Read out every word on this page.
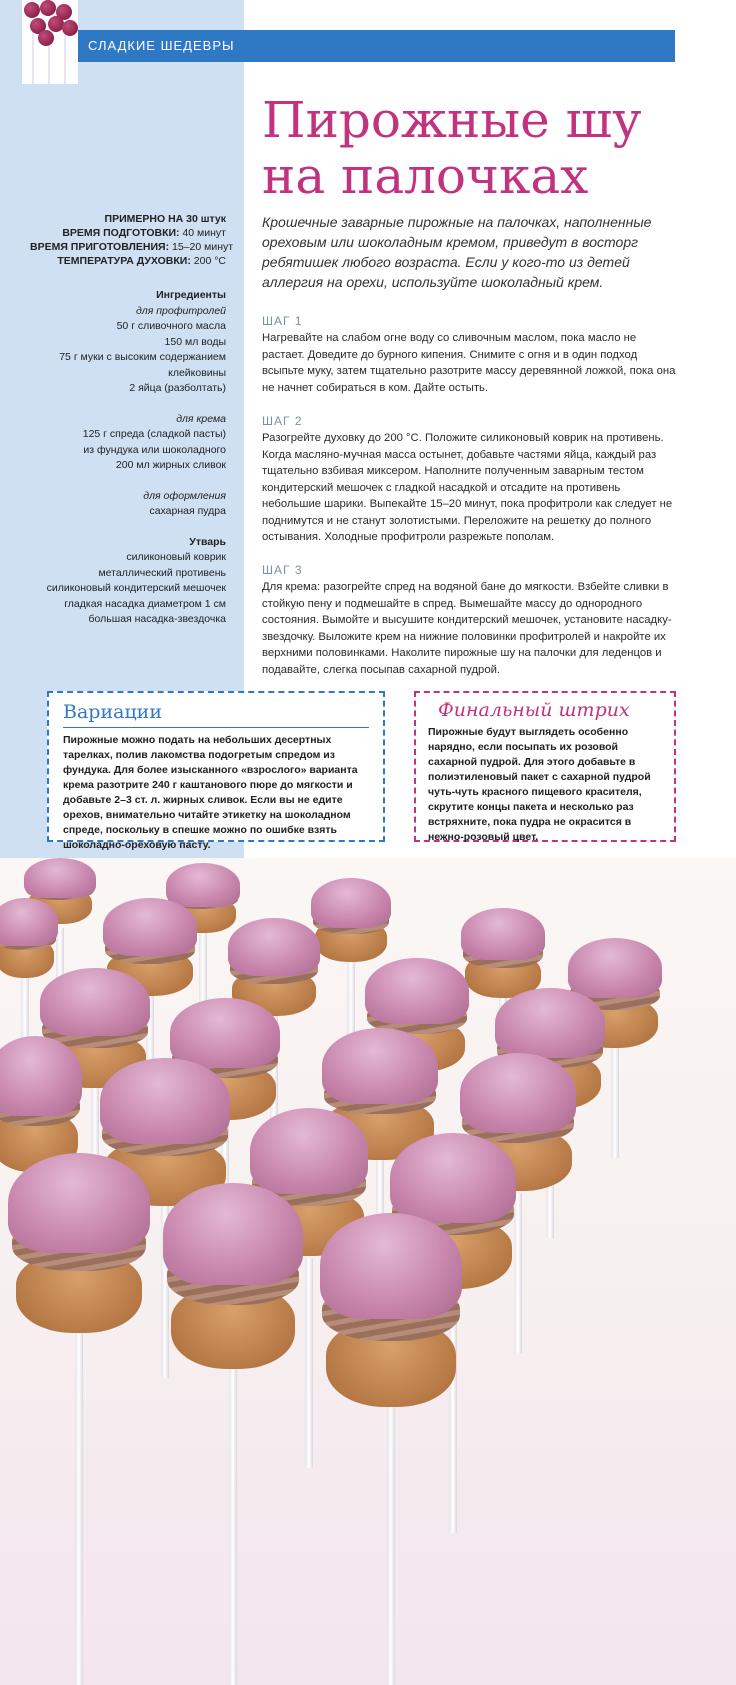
СЛАДКИЕ ШЕДЕВРЫ
Пирожные шу
на палочках
Крошечные заварные пирожные на палочках, наполненные ореховым или шоколадным кремом, приведут в восторг ребятишек любого возраста. Если у кого-то из детей аллергия на орехи, используйте шоколадный крем.
ПРИМЕРНО НА 30 штук
ВРЕМЯ ПОДГОТОВКИ: 40 минут
ВРЕМЯ ПРИГОТОВЛЕНИЯ: 15–20 минут
ТЕМПЕРАТУРА ДУХОВКИ: 200 °С
Ингредиенты
для профитролей
50 г сливочного масла
150 мл воды
75 г муки с высоким содержанием
клейковины
2 яйца (разболтать)
для крема
125 г спреда (сладкой пасты)
из фундука или шоколадного
200 мл жирных сливок
для оформления
сахарная пудра
Утварь
силиконовый коврик
металлический противень
силиконовый кондитерский мешочек
гладкая насадка диаметром 1 см
большая насадка-звездочка
ШАГ 1
Нагревайте на слабом огне воду со сливочным маслом, пока масло не растает. Доведите до бурного кипения. Снимите с огня и в один подход всыпьте муку, затем тщательно разотрите массу деревянной ложкой, пока она не начнет собираться в ком. Дайте остыть.
ШАГ 2
Разогрейте духовку до 200 °С. Положите силиконовый коврик на противень. Когда масляно-мучная масса остынет, добавьте частями яйца, каждый раз тщательно взбивая миксером. Наполните полученным заварным тестом кондитерский мешочек с гладкой насадкой и отсадите на противень небольшие шарики. Выпекайте 15–20 минут, пока профитроли как следует не поднимутся и не станут золотистыми. Переложите на решетку до полного остывания. Холодные профитроли разрежьте пополам.
ШАГ 3
Для крема: разогрейте спред на водяной бане до мягкости. Взбейте сливки в стойкую пену и подмешайте в спред. Вымешайте массу до однородного состояния. Вымойте и высушите кондитерский мешочек, установите насадку-звездочку. Выложите крем на нижние половинки профитролей и накройте их верхними половинками. Наколите пирожные шу на палочки для леденцов и подавайте, слегка посыпав сахарной пудрой.
Вариации
Пирожные можно подать на небольших десертных тарелках, полив лакомства подогретым спредом из фундука. Для более изысканного «взрослого» варианта крема разотрите 240 г каштанового пюре до мягкости и добавьте 2–3 ст. л. жирных сливок. Если вы не едите орехов, внимательно читайте этикетку на шоколадном спреде, поскольку в спешке можно по ошибке взять шоколадно-ореховую пасту.
Финальный штрих
Пирожные будут выглядеть особенно нарядно, если посыпать их розовой сахарной пудрой. Для этого добавьте в полиэтиленовый пакет с сахарной пудрой чуть-чуть красного пищевого красителя, скрутите концы пакета и несколько раз встряхните, пока пудра не окрасится в нежно-розовый цвет.
